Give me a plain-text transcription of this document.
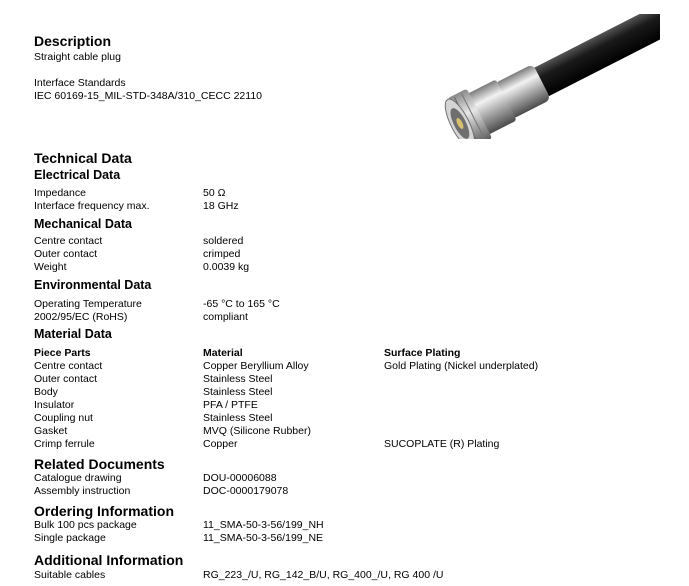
Description
Straight cable plug
Interface Standards
IEC 60169-15_MIL-STD-348A/310_CECC 22110
Technical Data
Electrical Data
Impedance	50 Ω
Interface frequency max.	18 GHz
Mechanical Data
Centre contact	soldered
Outer contact	crimped
Weight	0.0039 kg
Environmental Data
Operating Temperature	-65 °C to 165 °C
2002/95/EC (RoHS)	compliant
Material Data
Piece Parts	Material	Surface Plating
Centre contact	Copper Beryllium Alloy	Gold Plating (Nickel underplated)
Outer contact	Stainless Steel
Body	Stainless Steel
Insulator	PFA / PTFE
Coupling nut	Stainless Steel
Gasket	MVQ (Silicone Rubber)
Crimp ferrule	Copper	SUCOPLATE (R) Plating
Related Documents
Catalogue drawing	DOU-00006088
Assembly instruction	DOC-0000179078
Ordering Information
Bulk 100 pcs package	11_SMA-50-3-56/199_NH
Single package	11_SMA-50-3-56/199_NE
Additional Information
Suitable cables	RG_223_/U, RG_142_B/U, RG_400_/U, RG 400 /U
